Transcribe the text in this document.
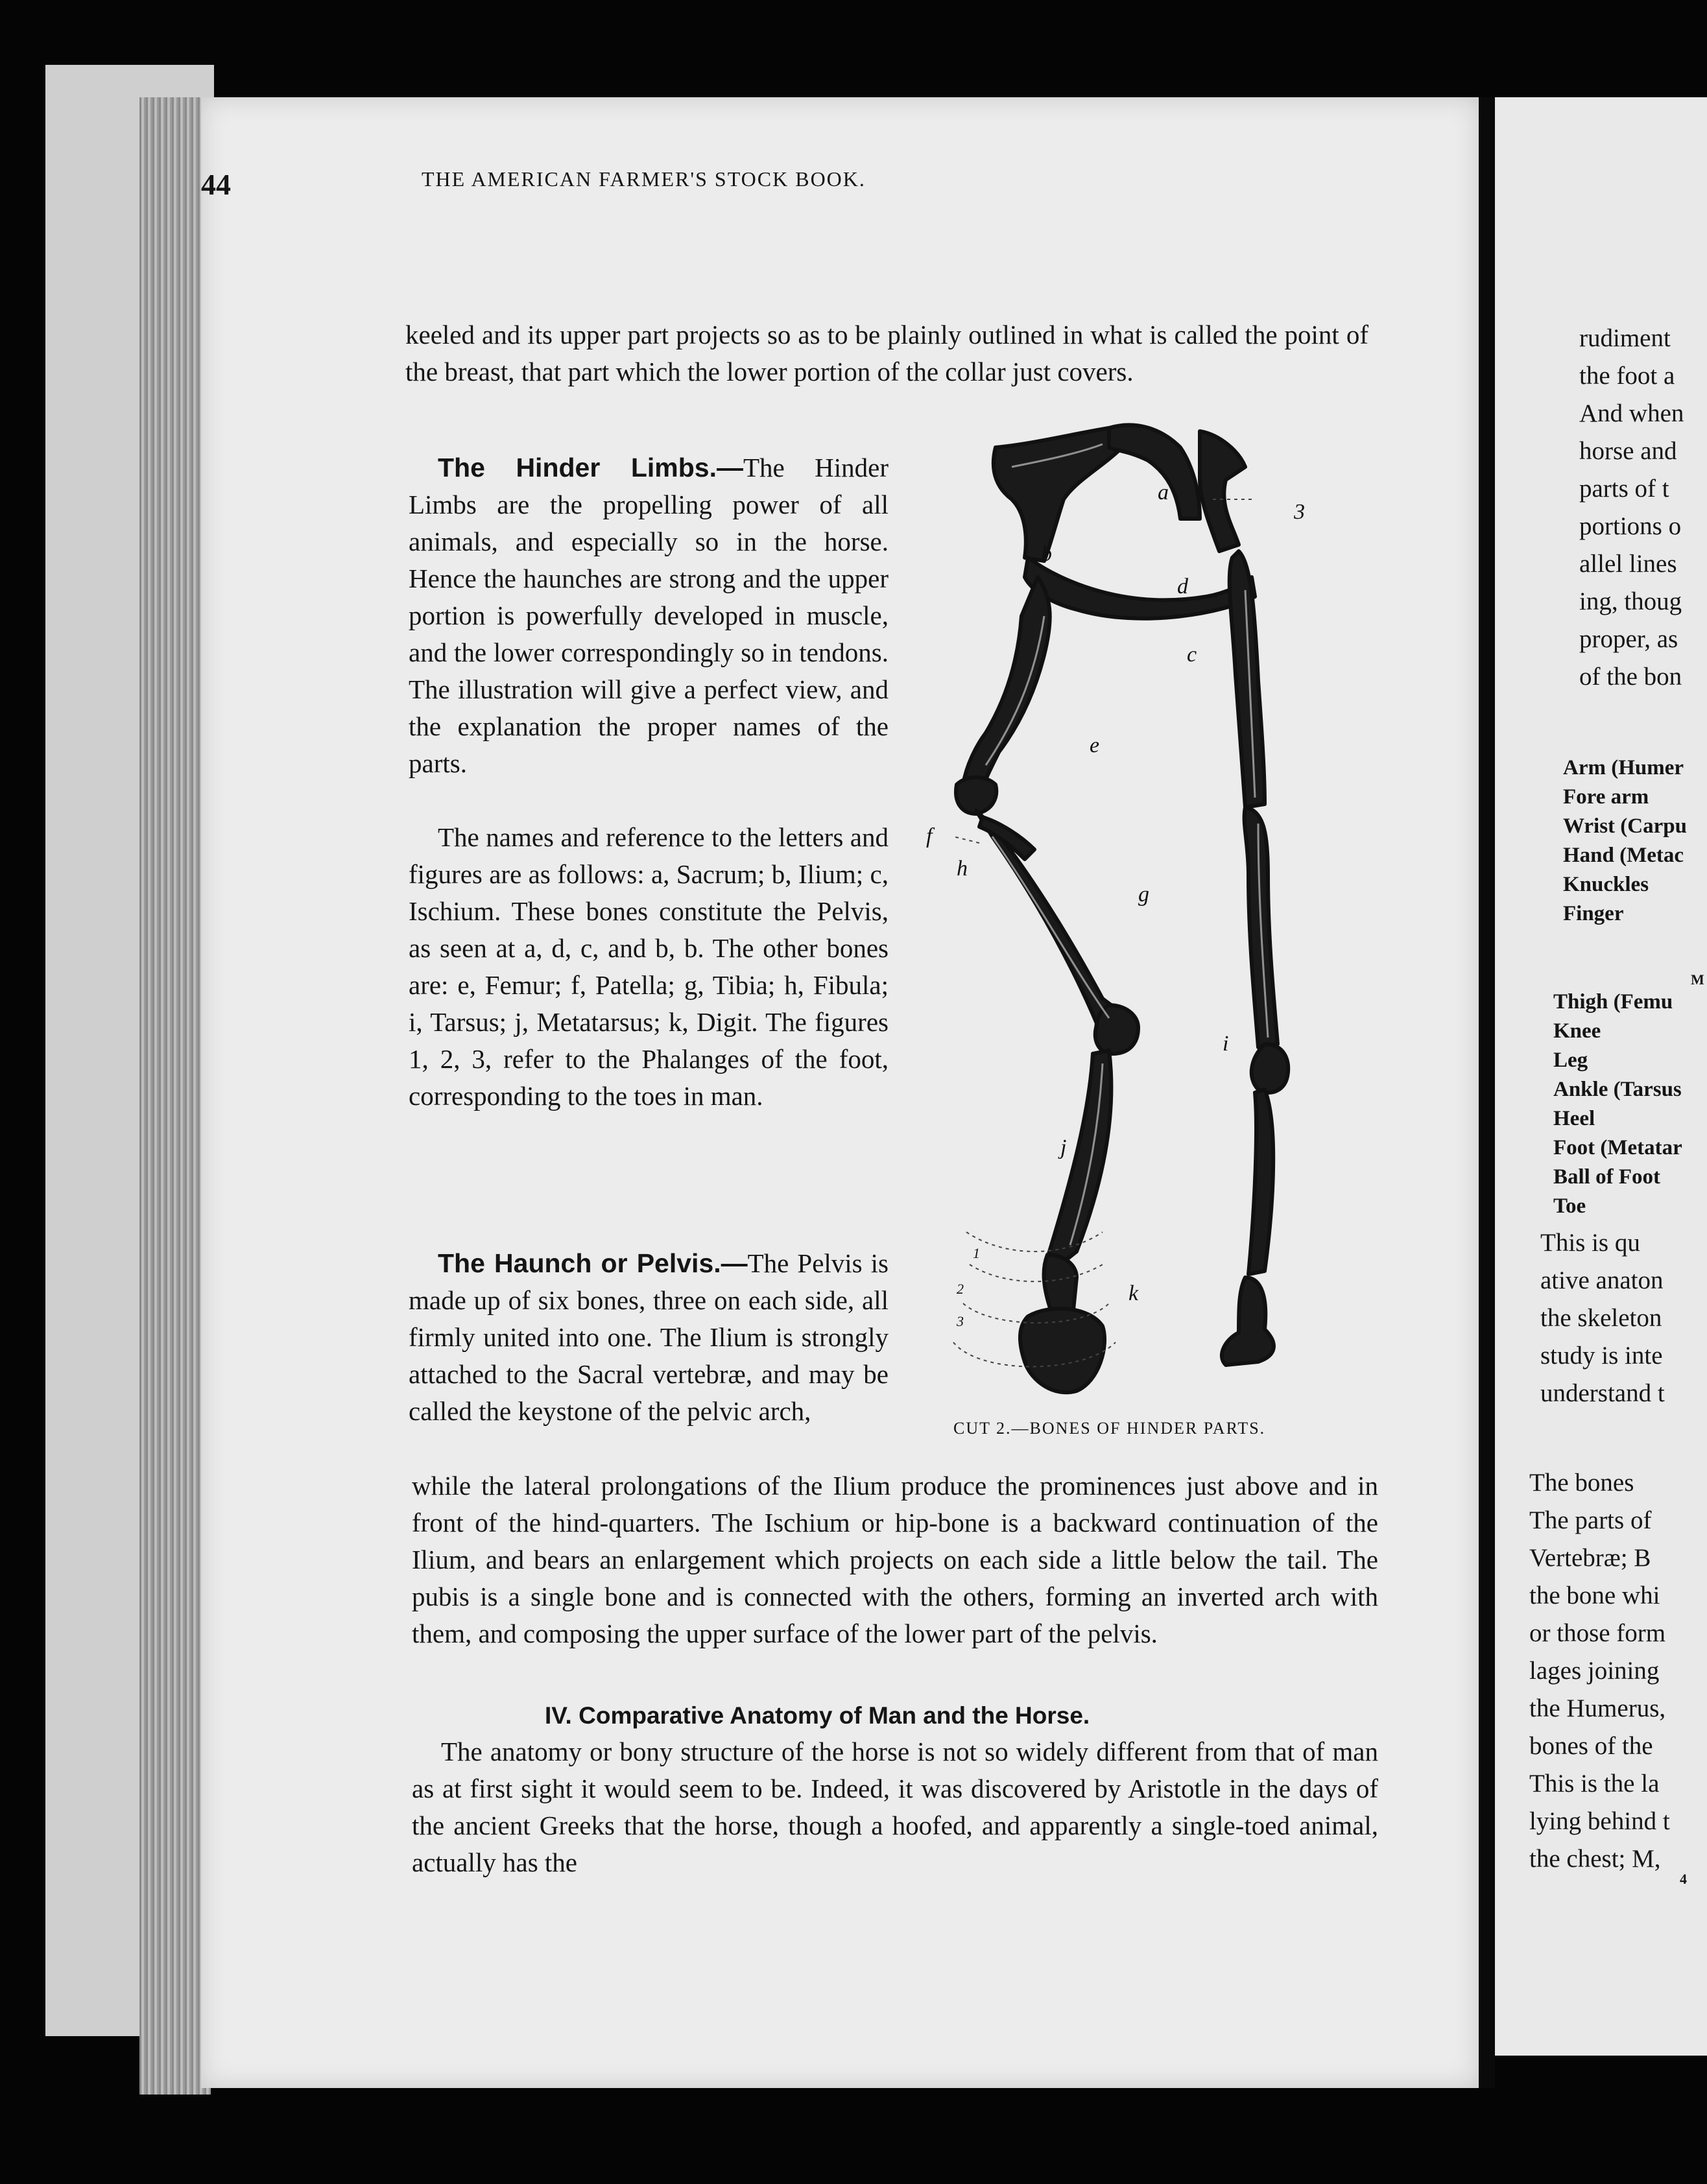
44	THE AMERICAN FARMER'S STOCK BOOK.

keeled and its upper part projects so as to be plainly outlined in what is called the point of the breast, that part which the lower portion of the collar just covers.

The Hinder Limbs.—The Hinder Limbs are the propelling power of all animals, and especially so in the horse. Hence the haunches are strong and the upper portion is powerfully developed in muscle, and the lower correspondingly so in tendons. The illustration will give a perfect view, and the explanation the proper names of the parts.

The names and reference to the letters and figures are as follows: a, Sacrum; b, Ilium; c, Ischium. These bones constitute the Pelvis, as seen at a, d, c, and b, b. The other bones are: e, Femur; f, Patella; g, Tibia; h, Fibula; i, Tarsus; j, Metatarsus; k, Digit. The figures 1, 2, 3, refer to the Phalanges of the foot, corresponding to the toes in man.

The Haunch or Pelvis.—The Pelvis is made up of six bones, three on each side, all firmly united into one. The Ilium is strongly attached to the Sacral vertebræ, and may be called the keystone of the pelvic arch,

while the lateral prolongations of the Ilium produce the prominences just above and in front of the hind-quarters. The Ischium or hip-bone is a backward continuation of the Ilium, and bears an enlargement which projects on each side a little below the tail. The pubis is a single bone and is connected with the others, forming an inverted arch with them, and composing the upper surface of the lower part of the pelvis.

IV. Comparative Anatomy of Man and the Horse.

The anatomy or bony structure of the horse is not so widely different from that of man as at first sight it would seem to be. Indeed, it was discovered by Aristotle in the days of the ancient Greeks that the horse, though a hoofed, and apparently a single-toed animal, actually has the

a
b
c
d
e
f
g
h
i
j
k
3
1
2
3
CUT 2.—BONES OF HINDER PARTS.

rudiment
the foot a
And when
horse and
parts of t
portions o
allel lines
ing, thoug
proper, as
of the bon

Arm (Humer
Fore arm
Wrist (Carpu
Hand (Metac
Knuckles
Finger
M
Thigh (Femu
Knee
Leg
Ankle (Tarsus
Heel
Foot (Metatar
Ball of Foot
Toe

This is qu
ative anaton
the skeleton
study is inte
understand t

The bones
The parts of
Vertebræ; B
the bone whi
or those form
lages joining
the Humerus,
bones of the
This is the la
lying behind t
the chest; M,

4
